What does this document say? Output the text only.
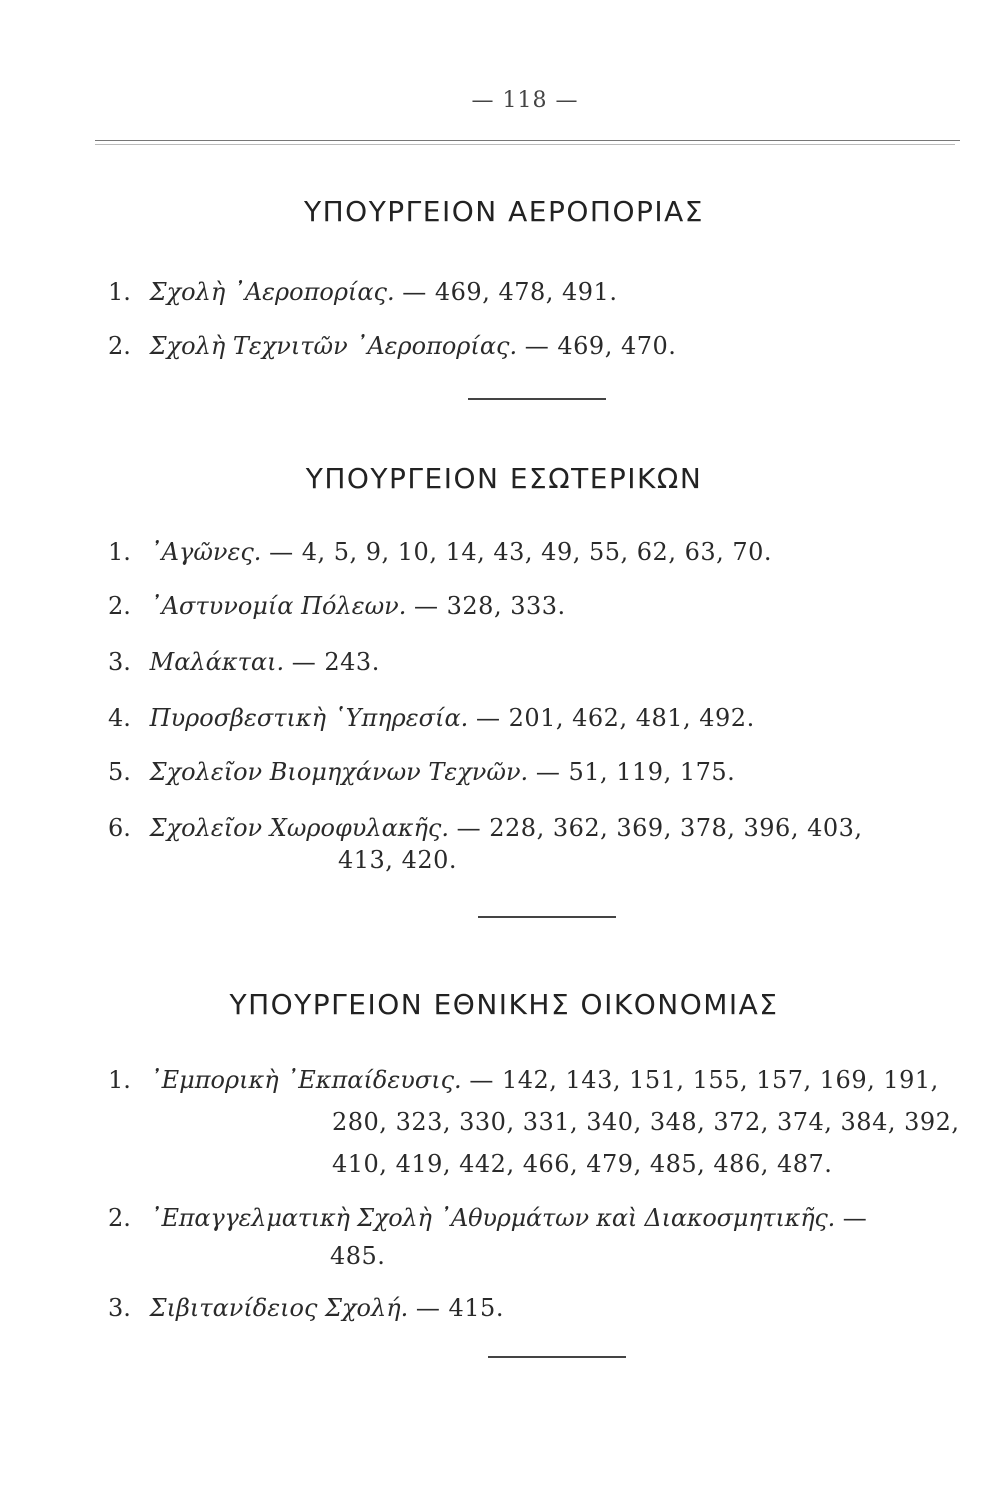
— 118 —
ΥΠΟΥΡΓΕΙΟΝ ΑΕΡΟΠΟΡΙΑΣ
1. Σχολὴ ᾽Αεροπορίας. — 469, 478, 491.
2. Σχολὴ Τεχνιτῶν ᾽Αεροπορίας. — 469, 470.
ΥΠΟΥΡΓΕΙΟΝ ΕΣΩΤΕΡΙΚΩΝ
1. ᾽Αγῶνες. — 4, 5, 9, 10, 14, 43, 49, 55, 62, 63, 70.
2. ᾽Αστυνομία Πόλεων. — 328, 333.
3. Μαλάκται. — 243.
4. Πυροσβεστικὴ ῾Υπηρεσία. — 201, 462, 481, 492.
5. Σχολεῖον Βιομηχάνων Τεχνῶν. — 51, 119, 175.
6. Σχολεῖον Χωροφυλακῆς. — 228, 362, 369, 378, 396, 403,
413, 420.
ΥΠΟΥΡΓΕΙΟΝ ΕΘΝΙΚΗΣ ΟΙΚΟΝΟΜΙΑΣ
1. ᾽Εμπορικὴ ᾽Εκπαίδευσις. — 142, 143, 151, 155, 157, 169, 191,
280, 323, 330, 331, 340, 348, 372, 374, 384, 392,
410, 419, 442, 466, 479, 485, 486, 487.
2. ᾽Επαγγελματικὴ Σχολὴ ᾽Αθυρμάτων καὶ Διακοσμητικῆς. —
485.
3. Σιβιτανίδειος Σχολή. — 415.
